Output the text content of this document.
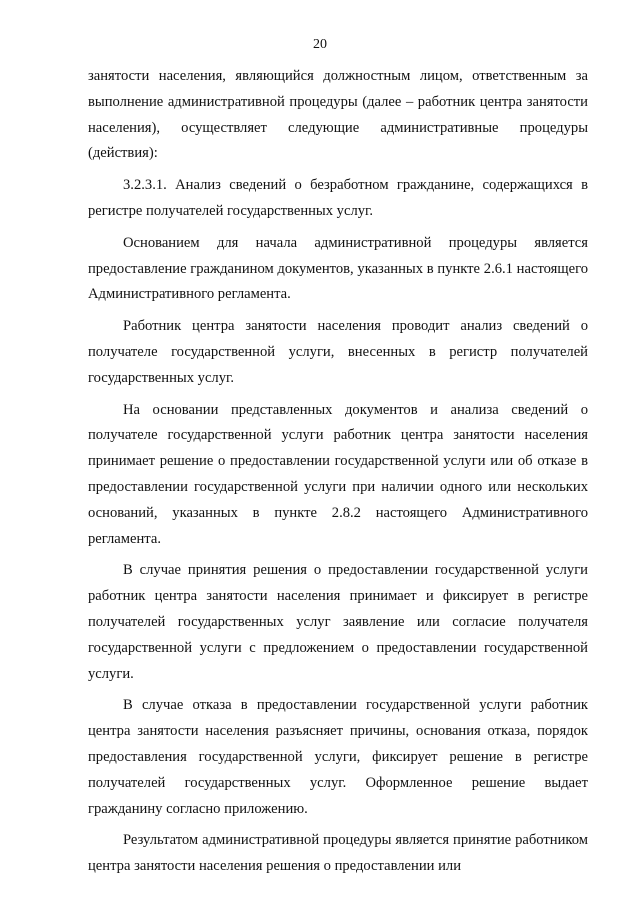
20

занятости населения, являющийся должностным лицом, ответственным за выполнение административной процедуры (далее – работник центра занятости населения), осуществляет следующие административные процедуры (действия):

3.2.3.1. Анализ сведений о безработном гражданине, содержащихся в регистре получателей государственных услуг.

Основанием для начала административной процедуры является предоставление гражданином документов, указанных в пункте 2.6.1 настоящего Административного регламента.

Работник центра занятости населения проводит анализ сведений о получателе государственной услуги, внесенных в регистр получателей государственных услуг.

На основании представленных документов и анализа сведений о получателе государственной услуги работник центра занятости населения принимает решение о предоставлении государственной услуги или об отказе в предоставлении государственной услуги при наличии одного или нескольких оснований, указанных в пункте 2.8.2 настоящего Административного регламента.

В случае принятия решения о предоставлении государственной услуги работник центра занятости населения принимает и фиксирует в регистре получателей государственных услуг заявление или согласие получателя государственной услуги с предложением о предоставлении государственной услуги.

В случае отказа в предоставлении государственной услуги работник центра занятости населения разъясняет причины, основания отказа, порядок предоставления государственной услуги, фиксирует решение в регистре получателей государственных услуг. Оформленное решение выдает гражданину согласно приложению.

Результатом административной процедуры является принятие работником центра занятости населения решения о предоставлении или
